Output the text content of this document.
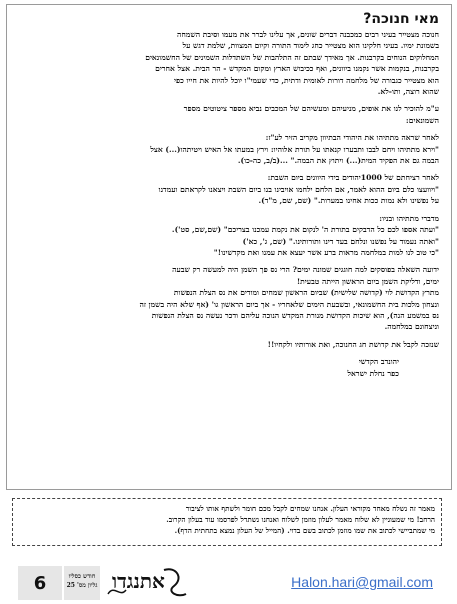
מאי חנוכה?
חנוכה מצטייר בעיני רבים כמכבנה דברים שונים, אך עלינו לברר את מעמו וסיבת השמחה
בשמונת ימיו. בעיני חלקינו הוא מצטייר כחג לימוד התורה וקיום המצוות, שלמת דגש על
המחלוקים הנוחים בקרבנות. אך מאידך שבתם זה התלהבות של השתדלות השמינים של החשמונאים
בקרבנות, בנקמות אשר נקמנו ביוונים, ואף ככיבוש הארץ ומקום המקדש - הר הבית. אצל אחרים
הוא מצטייר כגבורה של מלחמה דורות לאומית ודתית, כדי שעמי"ו יוכל להיות את חייו כפי
שהוא רוצה, ותו-לא.
ע"מ להוכיר לנו את אופים, מניעיהם ומעשיהם של המכבים נביא מספר ציטוטים מספר
השמונאים:
לאחר שראה מתתיהו את היהודי הבתיוון מקריב הזיר לע"ז:
"וירא מתתיהו ויחם לבבו ותבערו קנאתו על תורת אלוהיו: וירץ במעתו אל האיש ויטיתהו(...) אצל
הבמה גם את הפקיד המית(...) ויתוץ את הבמה." ...(ב/ב, כה-כו).
לאחר רציחתם של 1000יהודים בידי היוונים ביום השבת:
"ויוועצו כלם ביום ההוא לאמר, אם הלחם ילחמו אויבינו בנו ביום השבת ויצאנו לקראתם ועמדנו
על נפשינו ולא נמות ככות אחינו במערות." (שם, שם, מ"ד).
מדברי מתתיהו ובניו:
"ועתה אספו לכם כל הדבקים בתורת ה' לנקום את נקמת עמכנו בצריכם" (שם,שם, סט').
"ואתה נעמוד על נפשנו ונלחם בעד דינו ותורותינו." (שם, ג', כא')
"כי טוב לנו למות במלחמה מראות ברע אשר יעצא את עמנו ואת מקדשינו!"
ידועה השאלה בפוסקים למה חוגגים שמונה ימים? הרי נס פך השמן היה למעשה רק שבעה
ימים, ודליקת השמן ביום הראשון הייתה טבעית!
מתרץ הקדושת לוי (קדושה שלישית) שביום הראשון שמחים ומודים את נס הצלת הנפשות
ונצחון מלכות בית החשמונאי, ובשבעת הימים שלאחריו - אך ביום הראשון גו' (אף שלא היה בשמן זה
נס במשמע הנה), הוא שיכות הקדושת מנורת המקדש הנוכה עליהם ודכר נעשה נס הצלת הנפשות
וניצחונם במלחמה.
שנזכה לקבל את קדושת חג החנוכה, ואת אורותיו ולקחיו!!
יהונדב הקדשי
כפר נחלת ישראל
מאמר זה נשלח מאחד מקוראי העלון. אנחנו שמחים לקבל מכם חומר ולשתף אותו לציבור
הרחב! מי שמעוניין לא שלוח מאמר לעלון מוזמן לשלוח ואנחנו נשתדל לפרסמו עוד בעלון הקרוב.
מי שמתביישי לכתוב את שמו מוזמן לכתוב בשם בדוי. (המייל של העלון נמצא בתחתית הדף).
6	חודש כסליו
גליון מס' 25 אתנגדו	Halon.hari@gmail.com
